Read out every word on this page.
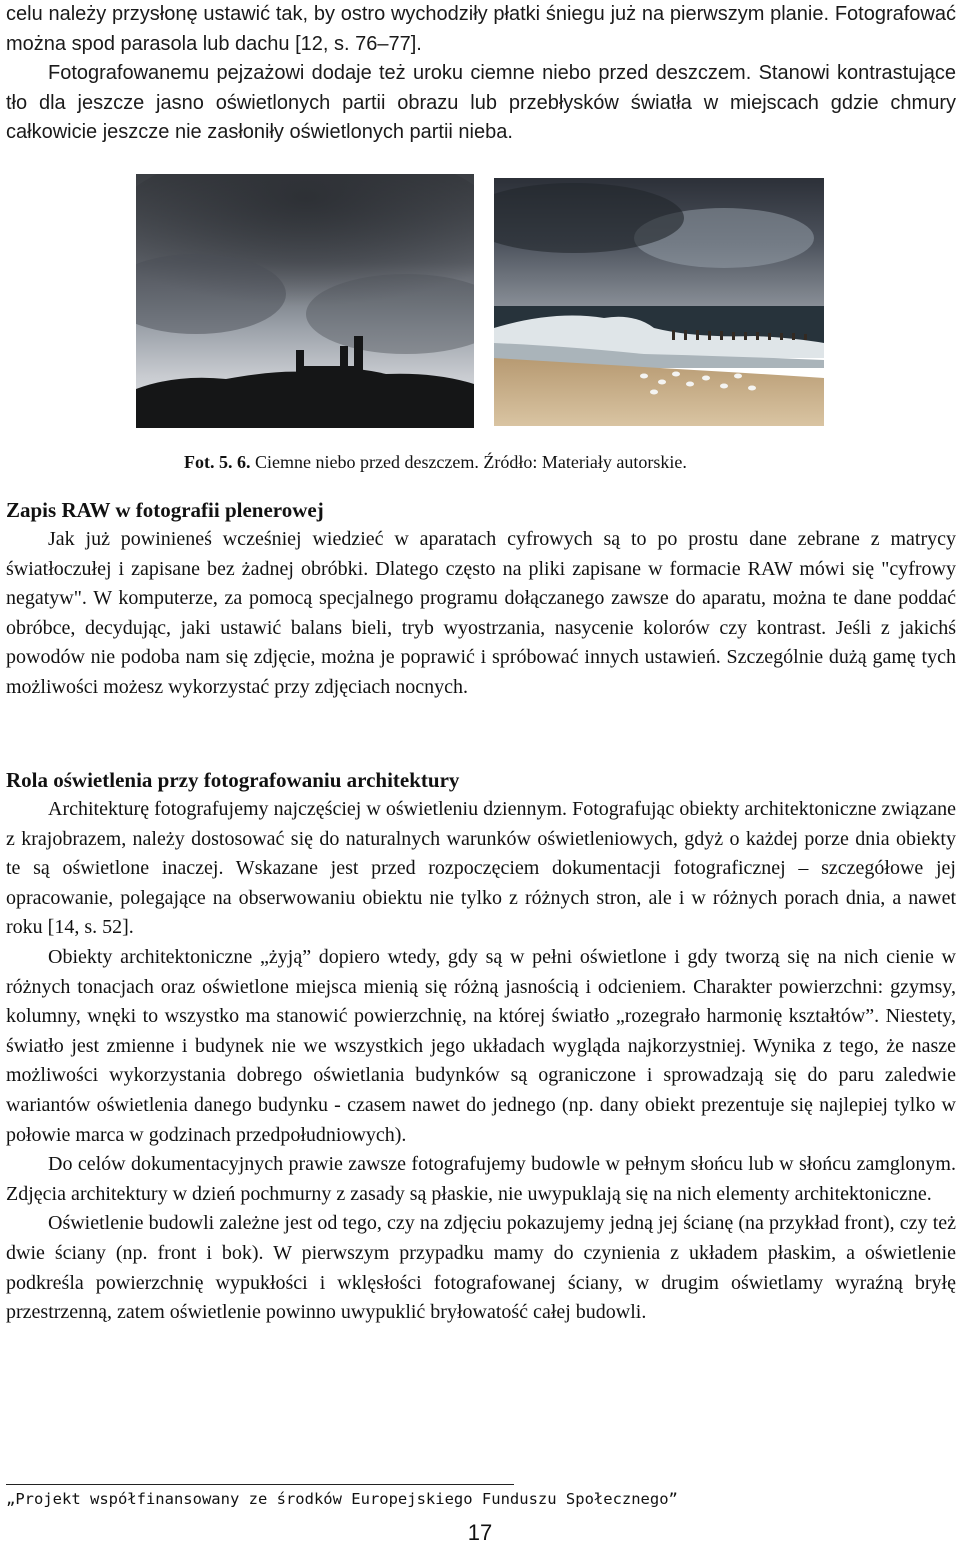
celu należy przysłonę ustawić tak, by ostro wychodziły płatki śniegu już na pierwszym planie. Fotografować można spod parasola lub dachu [12, s. 76–77].

Fotografowanemu pejzażowi dodaje też uroku ciemne niebo przed deszczem. Stanowi kontrastujące tło dla jeszcze jasno oświetlonych partii obrazu lub przebłysków światła w miejscach gdzie chmury całkowicie jeszcze nie zasłoniły oświetlonych partii nieba.

Fot. 5. 6. Ciemne niebo przed deszczem. Źródło: Materiały autorskie.
Zapis RAW w fotografii plenerowej

Jak już powinieneś wcześniej wiedzieć w aparatach cyfrowych są to po prostu dane zebrane z matrycy światłoczułej i zapisane bez żadnej obróbki. Dlatego często na pliki zapisane w formacie RAW mówi się "cyfrowy negatyw". W komputerze, za pomocą specjalnego programu dołączanego zawsze do aparatu, można te dane poddać obróbce, decydując, jaki ustawić balans bieli, tryb wyostrzania, nasycenie kolorów czy kontrast. Jeśli z jakichś powodów nie podoba nam się zdjęcie, można je poprawić i spróbować innych ustawień. Szczególnie dużą gamę tych możliwości możesz wykorzystać przy zdjęciach nocnych.

Rola oświetlenia przy fotografowaniu architektury

Architekturę fotografujemy najczęściej w oświetleniu dziennym. Fotografując obiekty architektoniczne związane z krajobrazem, należy dostosować się do naturalnych warunków oświetleniowych, gdyż o każdej porze dnia obiekty te są oświetlone inaczej. Wskazane jest przed rozpoczęciem dokumentacji fotograficznej – szczegółowe jej opracowanie, polegające na obserwowaniu obiektu nie tylko z różnych stron, ale i w różnych porach dnia, a nawet roku [14, s. 52].

Obiekty architektoniczne „żyją” dopiero wtedy, gdy są w pełni oświetlone i gdy tworzą się na nich cienie w różnych tonacjach oraz oświetlone miejsca mienią się różną jasnością i odcieniem. Charakter powierzchni: gzymsy, kolumny, wnęki to wszystko ma stanowić powierzchnię, na której światło „rozegrało harmonię kształtów”. Niestety, światło jest zmienne i budynek nie we wszystkich jego układach wygląda najkorzystniej. Wynika z tego, że nasze możliwości wykorzystania dobrego oświetlania budynków są ograniczone i sprowadzają się do paru zaledwie wariantów oświetlenia danego budynku - czasem nawet do jednego (np. dany obiekt prezentuje się najlepiej tylko w połowie marca w godzinach przedpołudniowych).

Do celów dokumentacyjnych prawie zawsze fotografujemy budowle w pełnym słońcu lub w słońcu zamglonym. Zdjęcia architektury w dzień pochmurny z zasady są płaskie, nie uwypuklają się na nich elementy architektoniczne.

Oświetlenie budowli zależne jest od tego, czy na zdjęciu pokazujemy jedną jej ścianę (na przykład front), czy też dwie ściany (np. front i bok). W pierwszym przypadku mamy do czynienia z układem płaskim, a oświetlenie podkreśla powierzchnię wypukłości i wklęsłości fotografowanej ściany, w drugim oświetlamy wyraźną bryłę przestrzenną, zatem oświetlenie powinno uwypuklić bryłowatość całej budowli.

„Projekt współfinansowany ze środków Europejskiego Funduszu Społecznego”
17
